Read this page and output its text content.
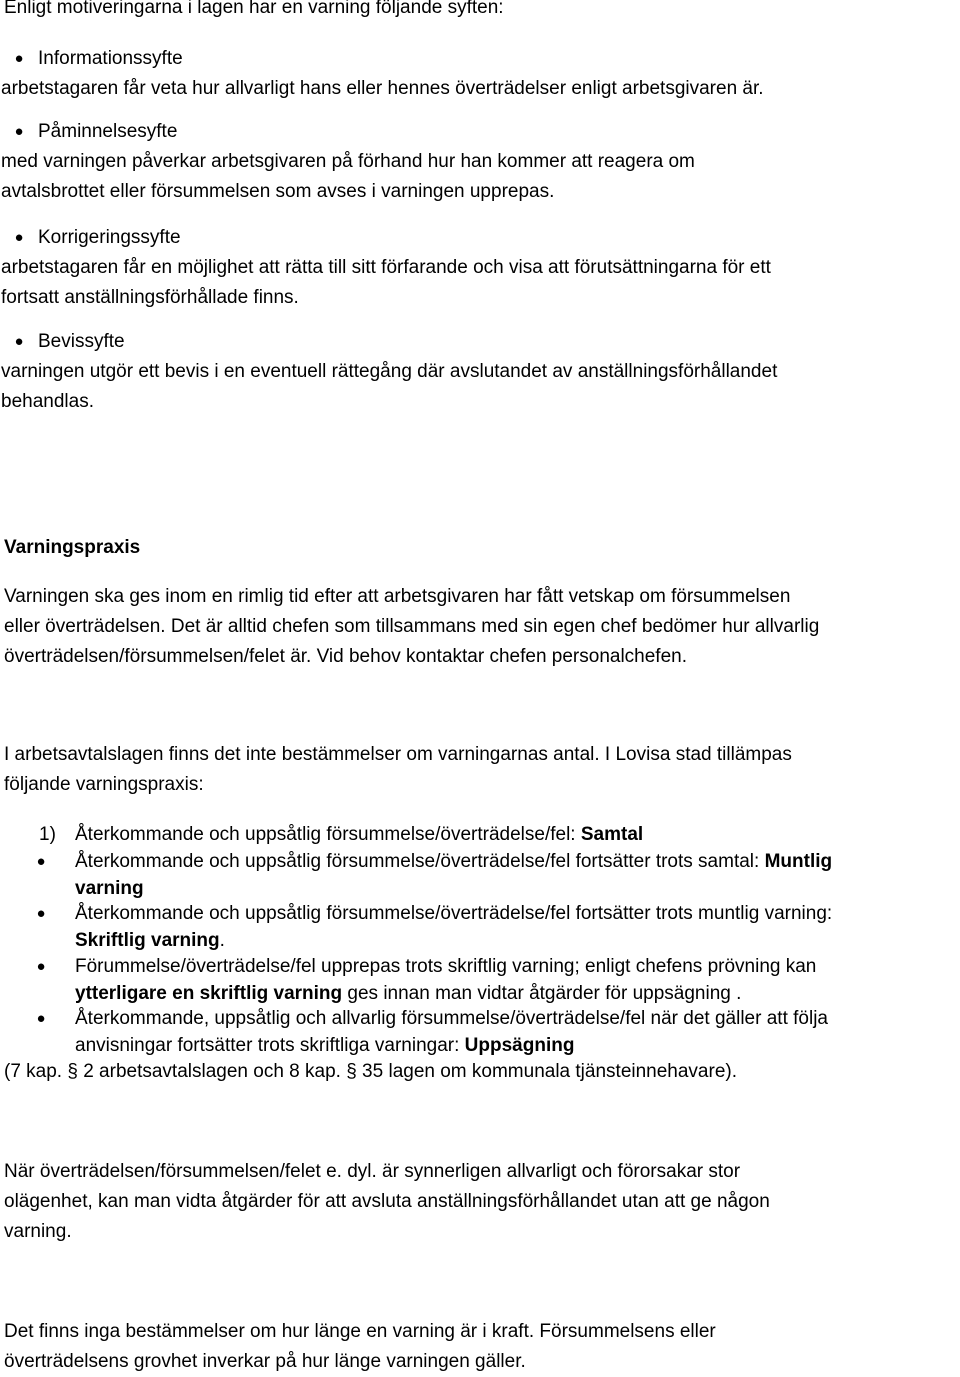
Enligt motiveringarna i lagen har en varning följande syften:

● Informationssyfte
arbetstagaren får veta hur allvarligt hans eller hennes överträdelser enligt arbetsgivaren är.
● Påminnelsesyfte
med varningen påverkar arbetsgivaren på förhand hur han kommer att reagera om
avtalsbrottet eller försummelsen som avses i varningen upprepas.
● Korrigeringssyfte
arbetstagaren får en möjlighet att rätta till sitt förfarande och visa att förutsättningarna för ett
fortsatt anställningsförhållade finns.
● Bevissyfte
varningen utgör ett bevis i en eventuell rättegång där avslutandet av anställningsförhållandet
behandlas.
Varningspraxis
Varningen ska ges inom en rimlig tid efter att arbetsgivaren har fått vetskap om försummelsen
eller överträdelsen. Det är alltid chefen som tillsammans med sin egen chef bedömer hur allvarlig
överträdelsen/försummelsen/felet är. Vid behov kontaktar chefen personalchefen.
I arbetsavtalslagen finns det inte bestämmelser om varningarnas antal. I Lovisa stad tillämpas
följande varningspraxis:
1) Återkommande och uppsåtlig försummelse/överträdelse/fel: Samtal
● Återkommande och uppsåtlig försummelse/överträdelse/fel fortsätter trots samtal: Muntlig
varning
● Återkommande och uppsåtlig försummelse/överträdelse/fel fortsätter trots muntlig varning:
Skriftlig varning.
● Förummelse/överträdelse/fel upprepas trots skriftlig varning; enligt chefens prövning kan
ytterligare en skriftlig varning ges innan man vidtar åtgärder för uppsägning .
● Återkommande, uppsåtlig och allvarlig försummelse/överträdelse/fel när det gäller att följa
anvisningar fortsätter trots skriftliga varningar: Uppsägning
(7 kap. § 2 arbetsavtalslagen och 8 kap. § 35 lagen om kommunala tjänsteinnehavare).
När överträdelsen/försummelsen/felet e. dyl. är synnerligen allvarligt och förorsakar stor
olägenhet, kan man vidta åtgärder för att avsluta anställningsförhållandet utan att ge någon
varning.
Det finns inga bestämmelser om hur länge en varning är i kraft. Försummelsens eller
överträdelsens grovhet inverkar på hur länge varningen gäller.
